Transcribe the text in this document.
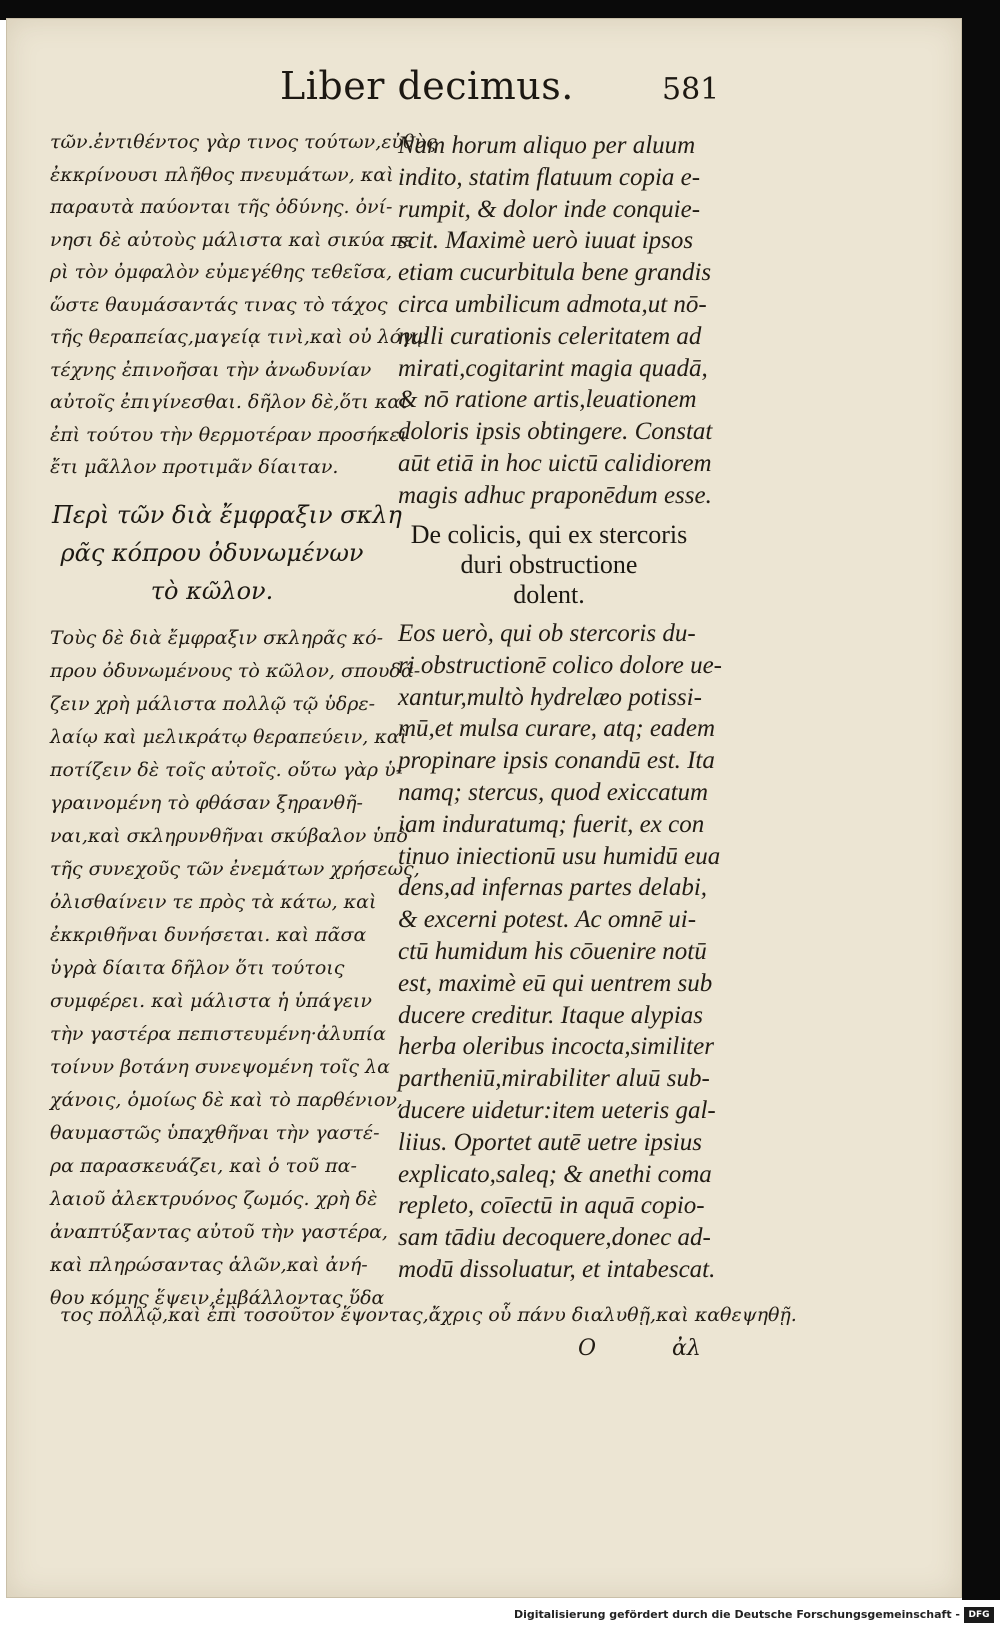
Liber decimus.	581
τῶν.ἐντιθέντος γὰρ τινος τούτων,εὐθὺς
ἐκκρίνουσι πλῆθος πνευμάτων, καὶ
παραυτὰ παύονται τῆς ὀδύνης. ὀνί-
νησι δὲ αὐτοὺς μάλιστα καὶ σικύα πε
ρὶ τὸν ὀμφαλὸν εὐμεγέθης τεθεῖσα,
ὥστε θαυμάσαντάς τινας τὸ τάχος
τῆς θεραπείας,μαγείᾳ τινὶ,καὶ οὐ λόγῳ
τέχνης ἐπινοῆσαι τὴν ἀνωδυνίαν
αὐτοῖς ἐπιγίνεσθαι. δῆλον δὲ,ὅτι καὶ
ἐπὶ τούτου τὴν θερμοτέραν προσήκει
ἔτι μᾶλλον προτιμᾶν δίαιταν.
Περὶ τῶν διὰ ἔμφραξιν σκλη
ρᾶς κόπρου ὀδυνωμένων
τὸ κῶλον.
Τοὺς δὲ διὰ ἔμφραξιν σκληρᾶς κό-
πρου ὀδυνωμένους τὸ κῶλον, σπουδά-
ζειν χρὴ μάλιστα πολλῷ τῷ ὑδρε-
λαίῳ καὶ μελικράτῳ θεραπεύειν, καὶ
ποτίζειν δὲ τοῖς αὐτοῖς. οὕτω γὰρ ὑ-
γραινομένη τὸ φθάσαν ξηρανθῆ-
ναι,καὶ σκληρυνθῆναι σκύβαλον ὑπὸ
τῆς συνεχοῦς τῶν ἐνεμάτων χρήσεως,
ὀλισθαίνειν τε πρὸς τὰ κάτω, καὶ
ἐκκριθῆναι δυνήσεται. καὶ πᾶσα
ὑγρὰ δίαιτα δῆλον ὅτι τούτοις
συμφέρει. καὶ μάλιστα ἡ ὑπάγειν
τὴν γαστέρα πεπιστευμένη·ἀλυπία
τοίνυν βοτάνη συνεψομένη τοῖς λα
χάνοις, ὁμοίως δὲ καὶ τὸ παρθένιον,
θαυμαστῶς ὑπαχθῆναι τὴν γαστέ-
ρα παρασκευάζει, καὶ ὁ τοῦ πα-
λαιοῦ ἀλεκτρυόνος ζωμός. χρὴ δὲ
ἀναπτύξαντας αὐτοῦ τὴν γαστέρα,
καὶ πληρώσαντας ἁλῶν,καὶ ἀνή-
θου κόμης ἕψειν,ἐμβάλλοντας ὕδα
Nam horum aliquo per aluum
indito, statim flatuum copia e-
rumpit, & dolor inde conquie-
scit. Maximè uerò iuuat ipsos
etiam cucurbitula bene grandis
circa umbilicum admota,ut nō-
nulli curationis celeritatem ad
mirati,cogitarint magia quadā,
& nō ratione artis,leuationem
doloris ipsis obtingere. Constat
aūt etiā in hoc uictū calidiorem
magis adhuc praponēdum esse.
De colicis, qui ex stercoris
duri obstructione
dolent.
Eos uerò, qui ob stercoris du-
ri obstructionē colico dolore ue-
xantur,multò hydrelæo potissi-
mū,et mulsa curare, atq; eadem
propinare ipsis conandū est. Ita
namq; stercus, quod exiccatum
iam induratumq; fuerit, ex con
tinuo iniectionū usu humidū eua
dens,ad infernas partes delabi,
& excerni potest. Ac omnē ui-
ctū humidum his cōuenire notū
est, maximè eū qui uentrem sub
ducere creditur. Itaque alypias
herba oleribus incocta,similiter
partheniū,mirabiliter aluū sub-
ducere uidetur:item ueteris gal-
liius. Oportet autē uetre ipsius
explicato,saleq; & anethi coma
repleto, coīectū in aquā copio-
sam tādiu decoquere,donec ad-
modū dissoluatur, et intabescat.
τος πολλῷ,καὶ ἐπὶ τοσοῦτον ἕψοντας,ἄχρις οὗ πάνυ διαλυθῇ,καὶ καθεψηθῇ.
O	ἀλ
Digitalisierung gefördert durch die Deutsche Forschungsgemeinschaft - DFG
